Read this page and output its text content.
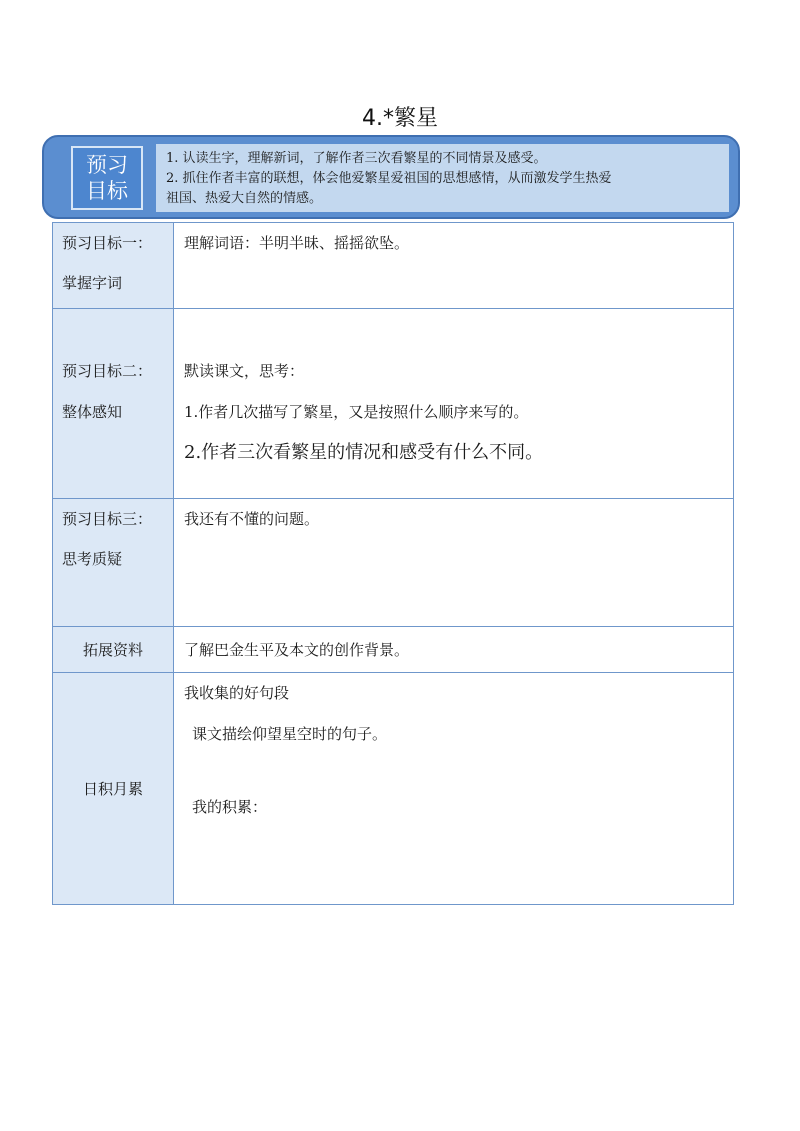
4.*繁星
预习
目标
1. 认读生字，理解新词，了解作者三次看繁星的不同情景及感受。
2. 抓住作者丰富的联想，体会他爱繁星爱祖国的思想感情，从而激发学生热爱
祖国、热爱大自然的情感。
预习目标一：
掌握字词	理解词语：半明半昧、摇摇欲坠。

预习目标二：
整体感知	默读课文，思考：
1.作者几次描写了繁星，又是按照什么顺序来写的。
2.作者三次看繁星的情况和感受有什么不同。

预习目标三：
思考质疑	我还有不懂的问题。

拓展资料	了解巴金生平及本文的创作背景。

日积月累	我收集的好句段
课文描绘仰望星空时的句子。
我的积累：
